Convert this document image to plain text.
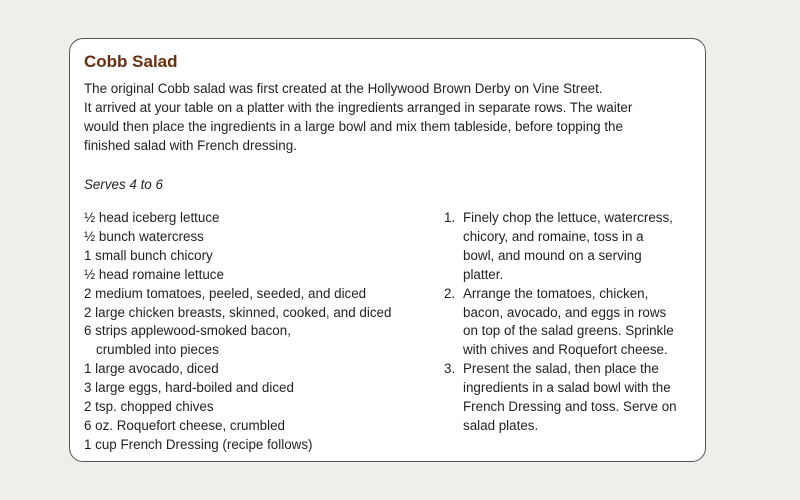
Cobb Salad

The original Cobb salad was first created at the Hollywood Brown Derby on Vine Street.
It arrived at your table on a platter with the ingredients arranged in separate rows. The waiter
would then place the ingredients in a large bowl and mix them tableside, before topping the
finished salad with French dressing.

Serves 4 to 6

½ head iceberg lettuce
½ bunch watercress
1 small bunch chicory
½ head romaine lettuce
2 medium tomatoes, peeled, seeded, and diced
2 large chicken breasts, skinned, cooked, and diced
6 strips applewood-smoked bacon,
crumbled into pieces
1 large avocado, diced
3 large eggs, hard-boiled and diced
2 tsp. chopped chives
6 oz. Roquefort cheese, crumbled
1 cup French Dressing (recipe follows)
1. Finely chop the lettuce, watercress,
chicory, and romaine, toss in a
bowl, and mound on a serving
platter.
2. Arrange the tomatoes, chicken,
bacon, avocado, and eggs in rows
on top of the salad greens. Sprinkle
with chives and Roquefort cheese.
3. Present the salad, then place the
ingredients in a salad bowl with the
French Dressing and toss. Serve on
salad plates.
